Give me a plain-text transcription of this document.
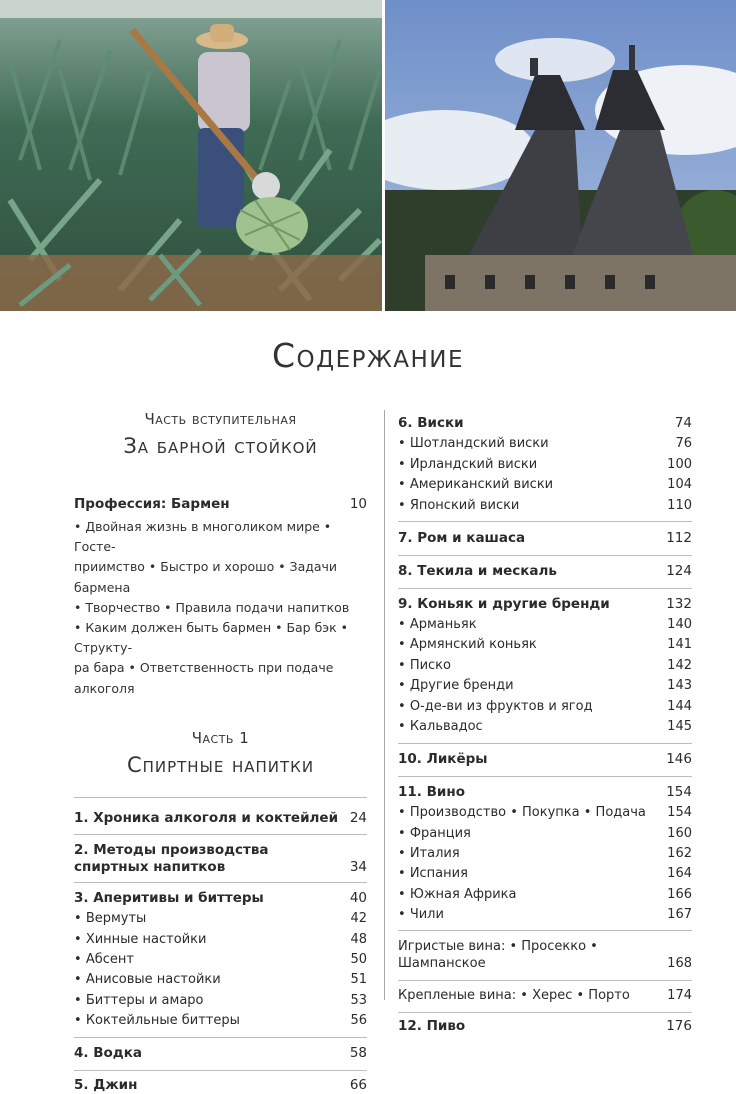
Содержание
Часть вступительная
За барной стойкой
Профессия: Бармен	10
• Двойная жизнь в многоликом мире • Госте-
приимство • Быстро и хорошо • Задачи бармена
• Творчество • Правила подачи напитков
• Каким должен быть бармен • Бар бэк • Структу-
ра бара • Ответственность при подаче алкоголя
Часть 1
Спиртные напитки
1. Хроника алкоголя и коктейлей 24
2. Методы производства
спиртных напитков	34
3. Аперитивы и биттеры	40
• Вермуты	42
• Хинные настойки	48
• Абсент	50
• Анисовые настойки	51
• Биттеры и амаро	53
• Коктейльные биттеры	56
4. Водка	58
5. Джин	66
6. Виски	74
• Шотландский виски	76
• Ирландский виски	100
• Американский виски	104
• Японский виски	110
7. Ром и кашаса	112
8. Текила и мескаль	124
9. Коньяк и другие бренди	132
• Арманьяк	140
• Армянский коньяк	141
• Писко	142
• Другие бренди	143
• О-де-ви из фруктов и ягод	144
• Кальвадос	145
10. Ликёры	146
11. Вино	154
• Производство • Покупка • Подача	154
• Франция	160
• Италия	162
• Испания	164
• Южная Африка	166
• Чили	167
Игристые вина: • Просекко • Шампанское	168
Крепленые вина: • Херес • Порто	174
12. Пиво	176
